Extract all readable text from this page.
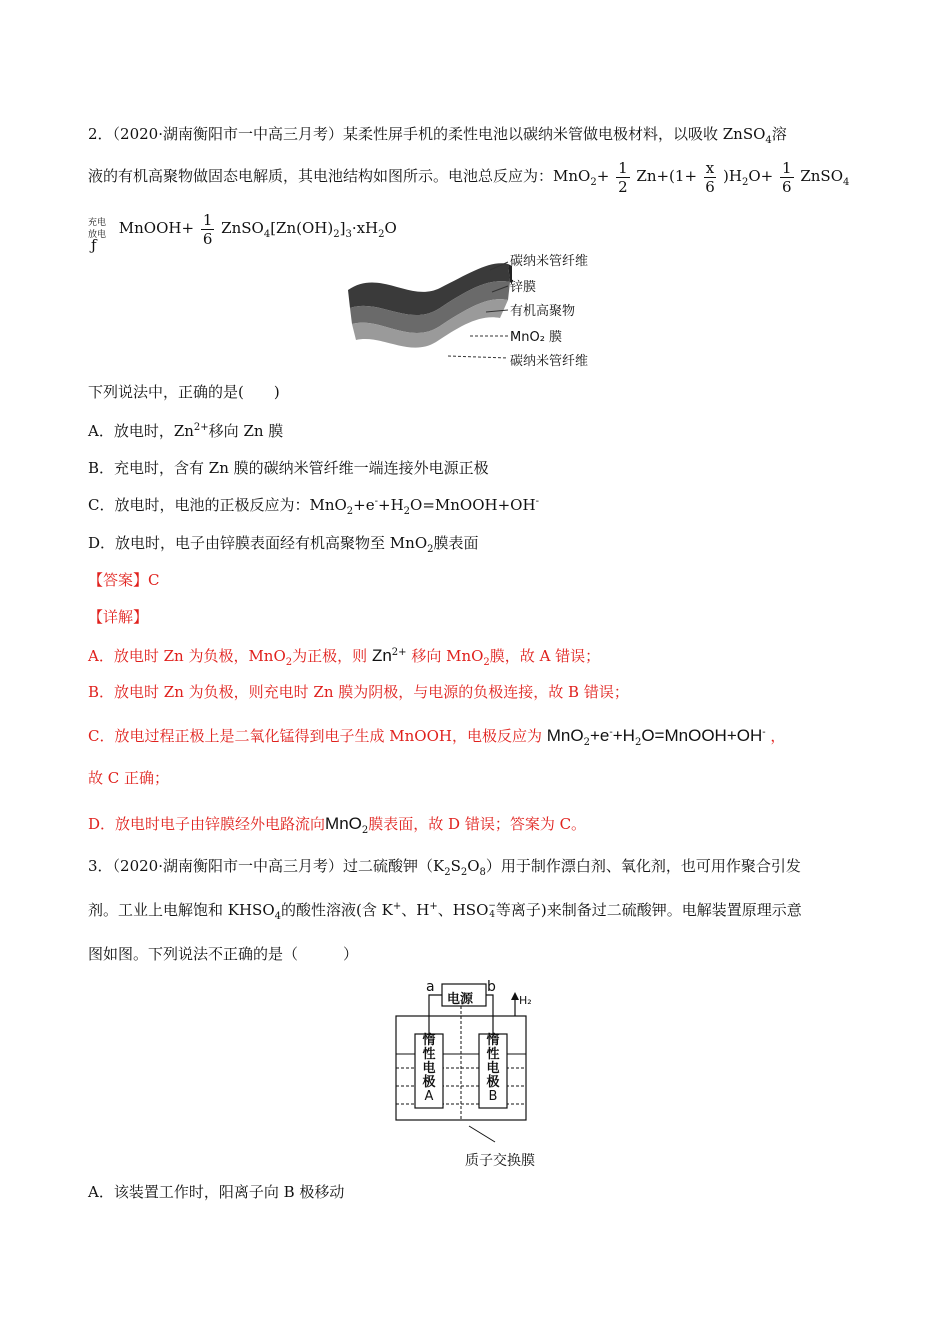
2．（2020·湖南衡阳市一中高三月考）某柔性屏手机的柔性电池以碳纳米管做电极材料，以吸收 ZnSO$_4$溶
液的有机高聚物做固态电解质，其电池结构如图所示。电池总反应为：$MnO_2+ \frac{1}{2} Zn+(1+ \frac{x}{6} )H_2O+ \frac{1}{6}$ ZnSO$_4$
放电
ƒ
充电 MnOOH+ $\frac{1}{6}$ $ZnSO_4[Zn(OH)_2]_3\cdot xH_2O$
碳纳米管纤维
锌膜
有机高聚物
MnO₂ 膜
碳纳米管纤维
下列说法中，正确的是(　　)
A．放电时，$Zn^{2+}$移向 Zn 膜
B．充电时，含有 Zn 膜的碳纳米管纤维一端连接外电源正极
C．放电时，电池的正极反应为：$MnO_2+e^-+H_2O=MnOOH+OH^-$
D．放电时，电子由锌膜表面经有机高聚物至 MnO$_2$膜表面
【答案】C
【详解】
A．放电时 Zn 为负极，MnO$_2$为正极，则 $Zn^{2+}$ 移向 MnO$_2$膜，故 A 错误；
B．放电时 Zn 为负极，则充电时 Zn 膜为阴极，与电源的负极连接，故 B 错误；
C．放电过程正极上是二氧化锰得到电子生成 MnOOH，电极反应为 $MnO_2+e^-+H_2O=MnOOH+OH^-$ ，
故 C 正确；
D．放电时电子由锌膜经外电路流向MnO$_2$膜表面，故 D 错误；答案为 C。
3．（2020·湖南衡阳市一中高三月考）过二硫酸钾$(K_2S_2O_8)$用于制作漂白剂、氧化剂，也可用作聚合引发
剂。工业上电解饱和 $KHSO_4$的酸性溶液(含 K+、H+、HSO−
4等离子)来制备过二硫酸钾。电解装置原理示意
图如图。下列说法不正确的是（　　　）
a	b
电源	H₂
惰
性
电
极
A
惰
性
电
极
B
质子交换膜
A．该装置工作时，阳离子向 B 极移动
